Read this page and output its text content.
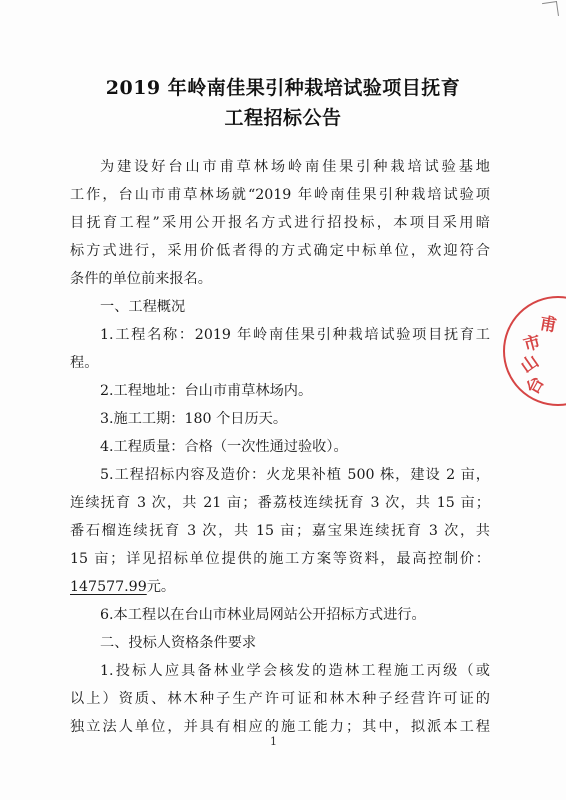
2019 年岭南佳果引种栽培试验项目抚育
工程招标公告
为建设好台山市甫草林场岭南佳果引种栽培试验基地
工作，台山市甫草林场就“2019 年岭南佳果引种栽培试验项
目抚育工程”采用公开报名方式进行招投标，本项目采用暗
标方式进行，采用价低者得的方式确定中标单位，欢迎符合
条件的单位前来报名。
一、工程概况
1.工程名称：2019 年岭南佳果引种栽培试验项目抚育工
程。
2.工程地址：台山市甫草林场内。
3.施工工期：180 个日历天。
4.工程质量：合格（一次性通过验收）。
5.工程招标内容及造价：火龙果补植 500 株，建设 2 亩，
连续抚育 3 次，共 21 亩；番荔枝连续抚育 3 次，共 15 亩；
番石榴连续抚育 3 次，共 15 亩；嘉宝果连续抚育 3 次，共
15 亩；详见招标单位提供的施工方案等资料，最高控制价：
147577.99元。
6.本工程以在台山市林业局网站公开招标方式进行。
二、投标人资格条件要求
1.投标人应具备林业学会核发的造林工程施工丙级（或
以上）资质、林木种子生产许可证和林木种子经营许可证的
独立法人单位，并具有相应的施工能力；其中，拟派本工程
台
山
市
甫
1
